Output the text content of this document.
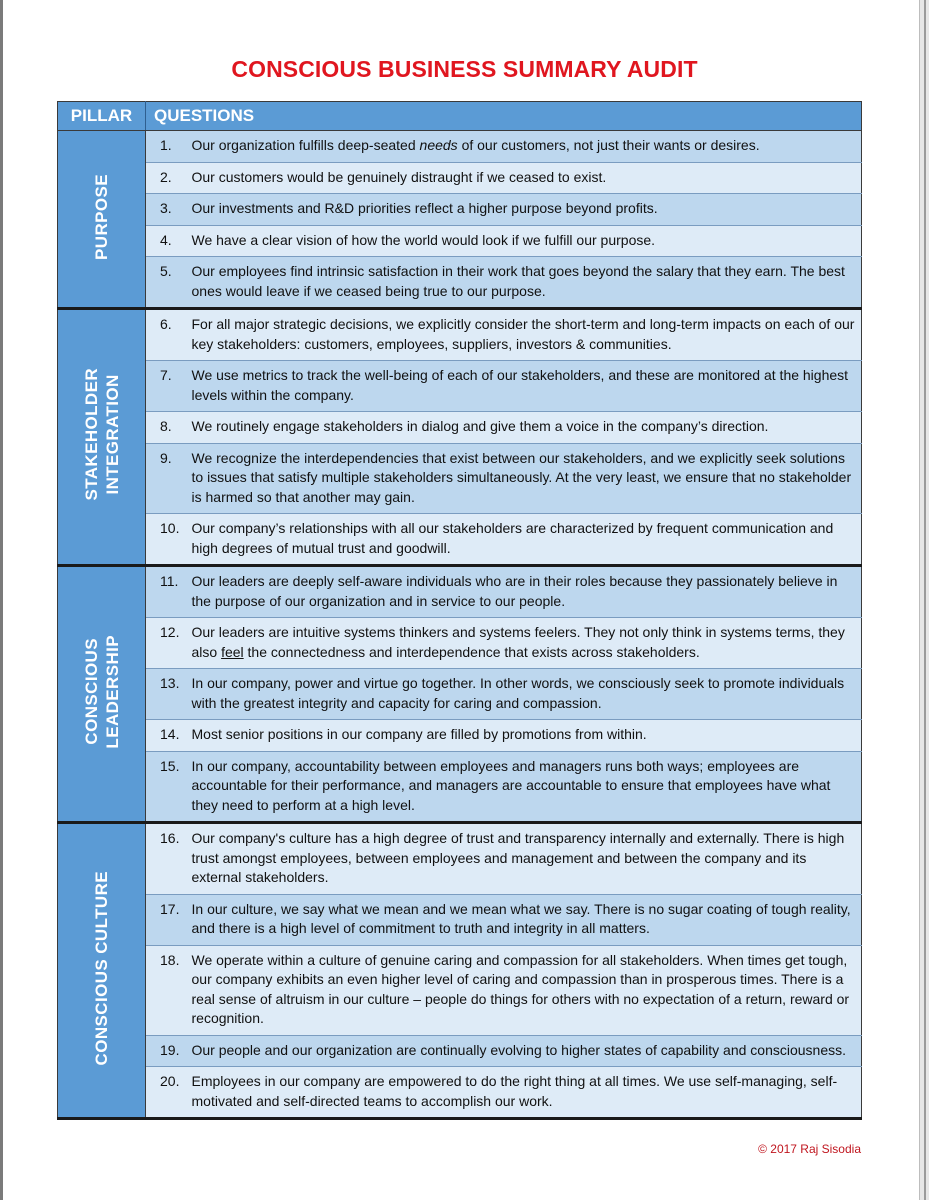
CONSCIOUS BUSINESS SUMMARY AUDIT
PILLAR	QUESTIONS	
PURPOSE	1.	Our organization fulfills deep-seated needs of our customers, not just their wants or desires.
	2.	Our customers would be genuinely distraught if we ceased to exist.
	3.	Our investments and R&D priorities reflect a higher purpose beyond profits.
	4.	We have a clear vision of how the world would look if we fulfill our purpose.
	5.	Our employees find intrinsic satisfaction in their work that goes beyond the salary that they earn. The best ones would leave if we ceased being true to our purpose.
STAKEHOLDER
INTEGRATION	6.	For all major strategic decisions, we explicitly consider the short-term and long-term impacts on each of our key stakeholders: customers, employees, suppliers, investors & communities.
	7.	We use metrics to track the well-being of each of our stakeholders, and these are monitored at the highest levels within the company.
	8.	We routinely engage stakeholders in dialog and give them a voice in the company’s direction.
	9.	We recognize the interdependencies that exist between our stakeholders, and we explicitly seek solutions to issues that satisfy multiple stakeholders simultaneously. At the very least, we ensure that no stakeholder is harmed so that another may gain.
	10.	Our company’s relationships with all our stakeholders are characterized by frequent communication and high degrees of mutual trust and goodwill.
CONSCIOUS
LEADERSHIP	11.	Our leaders are deeply self-aware individuals who are in their roles because they passionately believe in the purpose of our organization and in service to our people.
	12.	Our leaders are intuitive systems thinkers and systems feelers. They not only think in systems terms, they also feel the connectedness and interdependence that exists across stakeholders.
	13.	In our company, power and virtue go together. In other words, we consciously seek to promote individuals with the greatest integrity and capacity for caring and compassion.
	14.	Most senior positions in our company are filled by promotions from within.
	15.	In our company, accountability between employees and managers runs both ways; employees are accountable for their performance, and managers are accountable to ensure that employees have what they need to perform at a high level.
CONSCIOUS CULTURE	16.	Our company's culture has a high degree of trust and transparency internally and externally. There is high trust amongst employees, between employees and management and between the company and its external stakeholders.
	17.	In our culture, we say what we mean and we mean what we say. There is no sugar coating of tough reality, and there is a high level of commitment to truth and integrity in all matters.
	18.	We operate within a culture of genuine caring and compassion for all stakeholders. When times get tough, our company exhibits an even higher level of caring and compassion than in prosperous times. There is a real sense of altruism in our culture – people do things for others with no expectation of a return, reward or recognition.
	19.	Our people and our organization are continually evolving to higher states of capability and consciousness.
	20.	Employees in our company are empowered to do the right thing at all times. We use self-managing, self-motivated and self-directed teams to accomplish our work.
© 2017 Raj Sisodia
